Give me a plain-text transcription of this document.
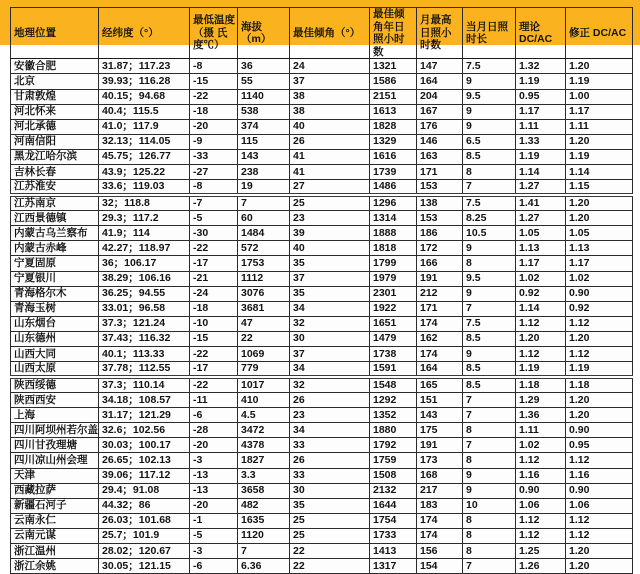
地理位置	经纬度（°）	最低温度（摄 氏度℃）	海拔（m）	最佳倾角（°）	最佳倾角年日照小时数	月最高日照小时数	当月日照时长	理论 DC/AC	修正 DC/AC
安徽合肥	31.87；117.23	-8	36	24	1321	147	7.5	1.32	1.20
北京	39.93；116.28	-15	55	37	1586	164	9	1.19	1.19
甘肃敦煌	40.15；94.68	-22	1140	38	2151	204	9.5	0.95	1.00
河北怀来	40.4；115.5	-18	538	38	1613	167	9	1.17	1.17
河北承德	41.0；117.9	-20	374	40	1828	176	9	1.11	1.11
河南信阳	32.13；114.05	-9	115	26	1329	146	6.5	1.33	1.20
黑龙江哈尔滨	45.75；126.77	-33	143	41	1616	163	8.5	1.19	1.19
吉林长春	43.9；125.22	-27	238	41	1739	171	8	1.14	1.14
江苏淮安	33.6；119.03	-8	19	27	1486	153	7	1.27	1.15
江苏南京	32；118.8	-7	7	25	1296	138	7.5	1.41	1.20
江西景德镇	29.3；117.2	-5	60	23	1314	153	8.25	1.27	1.20
内蒙古乌兰察布	41.9；114	-30	1484	39	1888	186	10.5	1.05	1.05
内蒙古赤峰	42.27；118.97	-22	572	40	1818	172	9	1.13	1.13
宁夏固原	36；106.17	-17	1753	35	1799	166	8	1.17	1.17
宁夏银川	38.29；106.16	-21	1112	37	1979	191	9.5	1.02	1.02
青海格尔木	36.25；94.55	-24	3076	35	2301	212	9	0.92	0.90
青海玉树	33.01；96.58	-18	3681	34	1922	171	7	1.14	0.92
山东烟台	37.3；121.24	-10	47	32	1651	174	7.5	1.12	1.12
山东德州	37.43；116.32	-15	22	30	1479	162	8.5	1.20	1.20
山西大同	40.1；113.33	-22	1069	37	1738	174	9	1.12	1.12
山西太原	37.78；112.55	-17	779	34	1591	164	8.5	1.19	1.19
陕西绥德	37.3；110.14	-22	1017	32	1548	165	8.5	1.18	1.18
陕西西安	34.18；108.57	-11	410	26	1292	151	7	1.29	1.20
上海	31.17；121.29	-6	4.5	23	1352	143	7	1.36	1.20
四川阿坝州若尔盖	32.6；102.56	-28	3472	34	1880	175	8	1.11	0.90
四川甘孜理塘	30.03；100.17	-20	4378	33	1792	191	7	1.02	0.95
四川凉山州会理	26.65；102.13	-3	1827	26	1759	173	8	1.12	1.12
天津	39.06；117.12	-13	3.3	33	1508	168	9	1.16	1.16
西藏拉萨	29.4；91.08	-13	3658	30	2132	217	9	0.90	0.90
新疆石河子	44.32；86	-20	482	35	1644	183	10	1.06	1.06
云南永仁	26.03；101.68	-1	1635	25	1754	174	8	1.12	1.12
云南元谋	25.7；101.9	-5	1120	25	1733	174	8	1.12	1.12
浙江温州	28.02；120.67	-3	7	22	1413	156	8	1.25	1.20
浙江余姚	30.05；121.15	-6	6.36	22	1317	154	7	1.26	1.20
